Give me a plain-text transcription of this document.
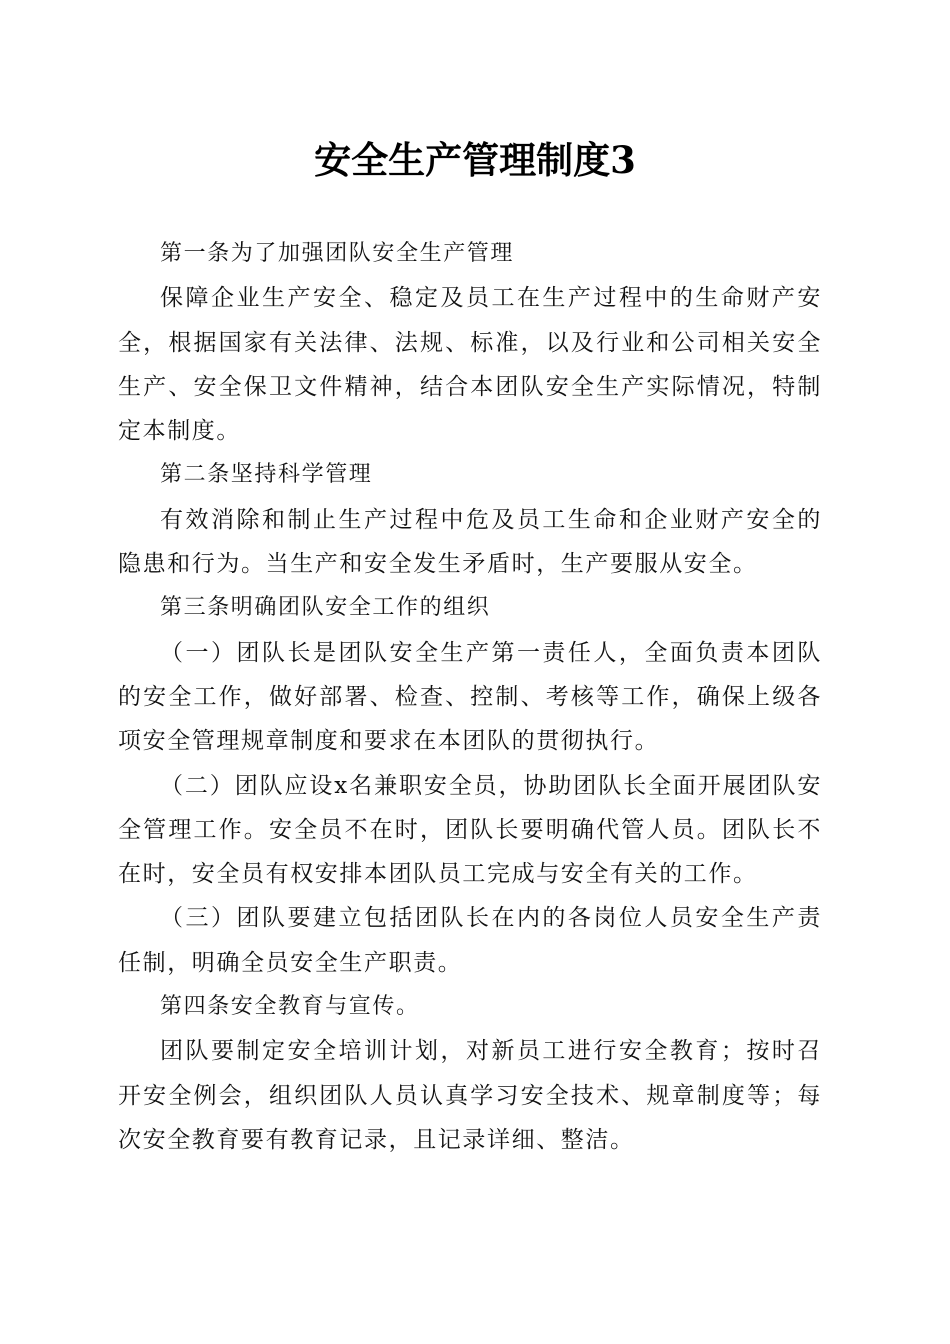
安全生产管理制度3

第一条为了加强团队安全生产管理

保障企业生产安全、稳定及员工在生产过程中的生命财产安全，根据国家有关法律、法规、标准，以及行业和公司相关安全生产、安全保卫文件精神，结合本团队安全生产实际情况，特制定本制度。

第二条坚持科学管理

有效消除和制止生产过程中危及员工生命和企业财产安全的隐患和行为。当生产和安全发生矛盾时，生产要服从安全。

第三条明确团队安全工作的组织

（一）团队长是团队安全生产第一责任人，全面负责本团队的安全工作，做好部署、检查、控制、考核等工作，确保上级各项安全管理规章制度和要求在本团队的贯彻执行。

（二）团队应设x名兼职安全员，协助团队长全面开展团队安全管理工作。安全员不在时，团队长要明确代管人员。团队长不在时，安全员有权安排本团队员工完成与安全有关的工作。

（三）团队要建立包括团队长在内的各岗位人员安全生产责任制，明确全员安全生产职责。

第四条安全教育与宣传。

团队要制定安全培训计划，对新员工进行安全教育；按时召开安全例会，组织团队人员认真学习安全技术、规章制度等；每次安全教育要有教育记录，且记录详细、整洁。
